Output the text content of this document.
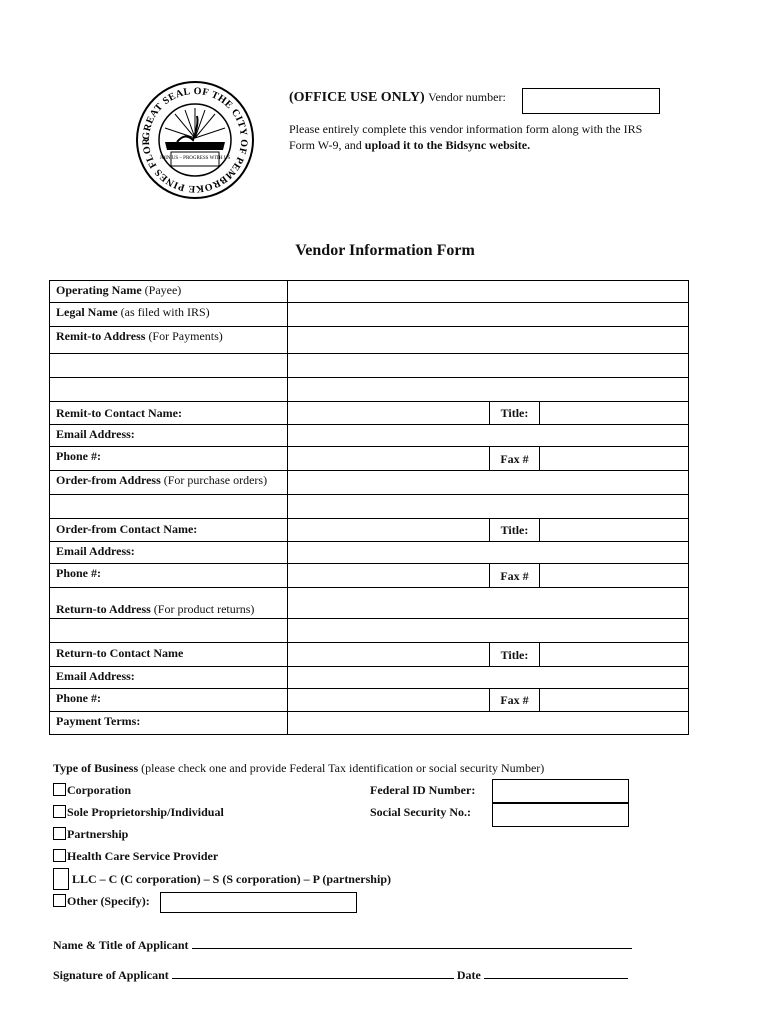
GREAT SEAL OF THE CITY OF PEMBROKE PINES FLOR
JOIN US – PROGRESS WITH US
(OFFICE USE ONLY) Vendor number:
Please entirely complete this vendor information form along with the IRS Form W-9, and upload it to the Bidsync website.
Vendor Information Form
Operating Name (Payee)
Legal Name (as filed with IRS)
Remit-to Address (For Payments)
Remit-to Contact Name:	Title:
Email Address:
Phone #:	Fax #
Order-from Address (For purchase orders)
Order-from Contact Name:	Title:
Email Address:
Phone #:	Fax #
Return-to Address (For product returns)
Return-to Contact Name	Title:
Email Address:
Phone #:	Fax #
Payment Terms:
Type of Business (please check one and provide Federal Tax identification or social security Number)
Corporation
Sole Proprietorship/Individual
Partnership
Health Care Service Provider
LLC – C (C corporation) – S (S corporation) – P (partnership)
Other (Specify):
Federal ID Number:
Social Security No.:
Name & Title of Applicant
Signature of Applicant	Date
